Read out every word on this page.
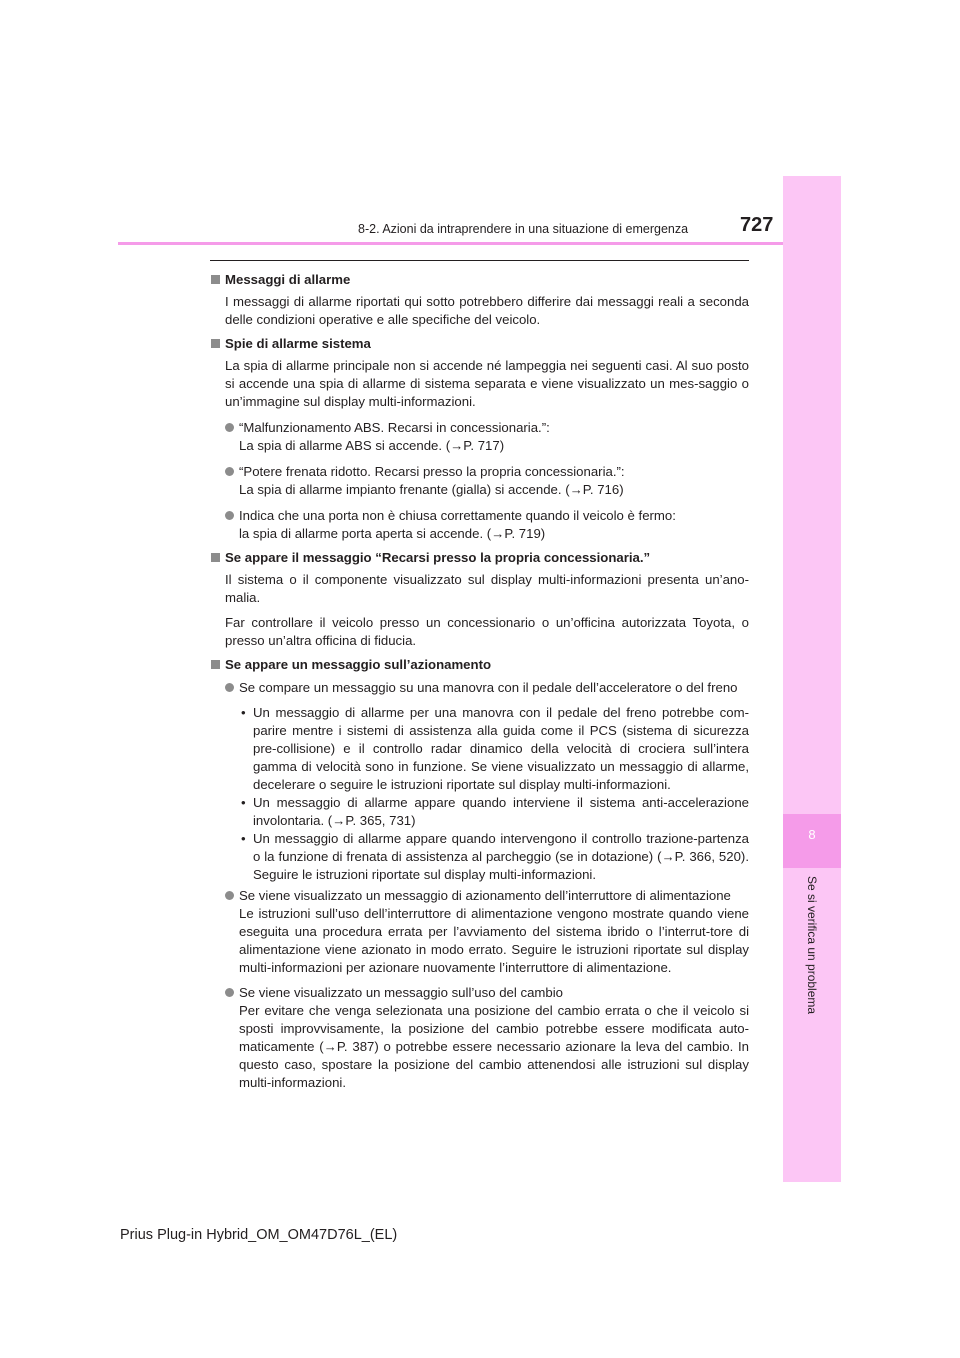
8
Se si verifica un problema
8-2. Azioni da intraprendere in una situazione di emergenza	727
Messaggi di allarme
I messaggi di allarme riportati qui sotto potrebbero differire dai messaggi reali a seconda delle condizioni operative e alle specifiche del veicolo.
Spie di allarme sistema
La spia di allarme principale non si accende né lampeggia nei seguenti casi. Al suo posto si accende una spia di allarme di sistema separata e viene visualizzato un mes-saggio o un’immagine sul display multi-informazioni.
“Malfunzionamento ABS. Recarsi in concessionaria.”:
La spia di allarme ABS si accende. (→P. 717)
“Potere frenata ridotto. Recarsi presso la propria concessionaria.”:
La spia di allarme impianto frenante (gialla) si accende. (→P. 716)
Indica che una porta non è chiusa correttamente quando il veicolo è fermo:
la spia di allarme porta aperta si accende. (→P. 719)
Se appare il messaggio “Recarsi presso la propria concessionaria.”
Il sistema o il componente visualizzato sul display multi-informazioni presenta un’ano-malia.
Far controllare il veicolo presso un concessionario o un’officina autorizzata Toyota, o presso un’altra officina di fiducia.
Se appare un messaggio sull’azionamento
Se compare un messaggio su una manovra con il pedale dell’acceleratore o del freno
• Un messaggio di allarme per una manovra con il pedale del freno potrebbe com-parire mentre i sistemi di assistenza alla guida come il PCS (sistema di sicurezza pre-collisione) e il controllo radar dinamico della velocità di crociera sull’intera gamma di velocità sono in funzione. Se viene visualizzato un messaggio di allarme, decelerare o seguire le istruzioni riportate sul display multi-informazioni.
• Un messaggio di allarme appare quando interviene il sistema anti-accelerazione involontaria. (→P. 365, 731)
• Un messaggio di allarme appare quando intervengono il controllo trazione-partenza o la funzione di frenata di assistenza al parcheggio (se in dotazione) (→P. 366, 520). Seguire le istruzioni riportate sul display multi-informazioni.
Se viene visualizzato un messaggio di azionamento dell’interruttore di alimentazione
Le istruzioni sull’uso dell’interruttore di alimentazione vengono mostrate quando viene eseguita una procedura errata per l’avviamento del sistema ibrido o l’interrut-tore di alimentazione viene azionato in modo errato. Seguire le istruzioni riportate sul display multi-informazioni per azionare nuovamente l’interruttore di alimentazione.
Se viene visualizzato un messaggio sull’uso del cambio
Per evitare che venga selezionata una posizione del cambio errata o che il veicolo si sposti improvvisamente, la posizione del cambio potrebbe essere modificata auto-maticamente (→P. 387) o potrebbe essere necessario azionare la leva del cambio. In questo caso, spostare la posizione del cambio attenendosi alle istruzioni sul display multi-informazioni.
Prius Plug-in Hybrid_OM_OM47D76L_(EL)
